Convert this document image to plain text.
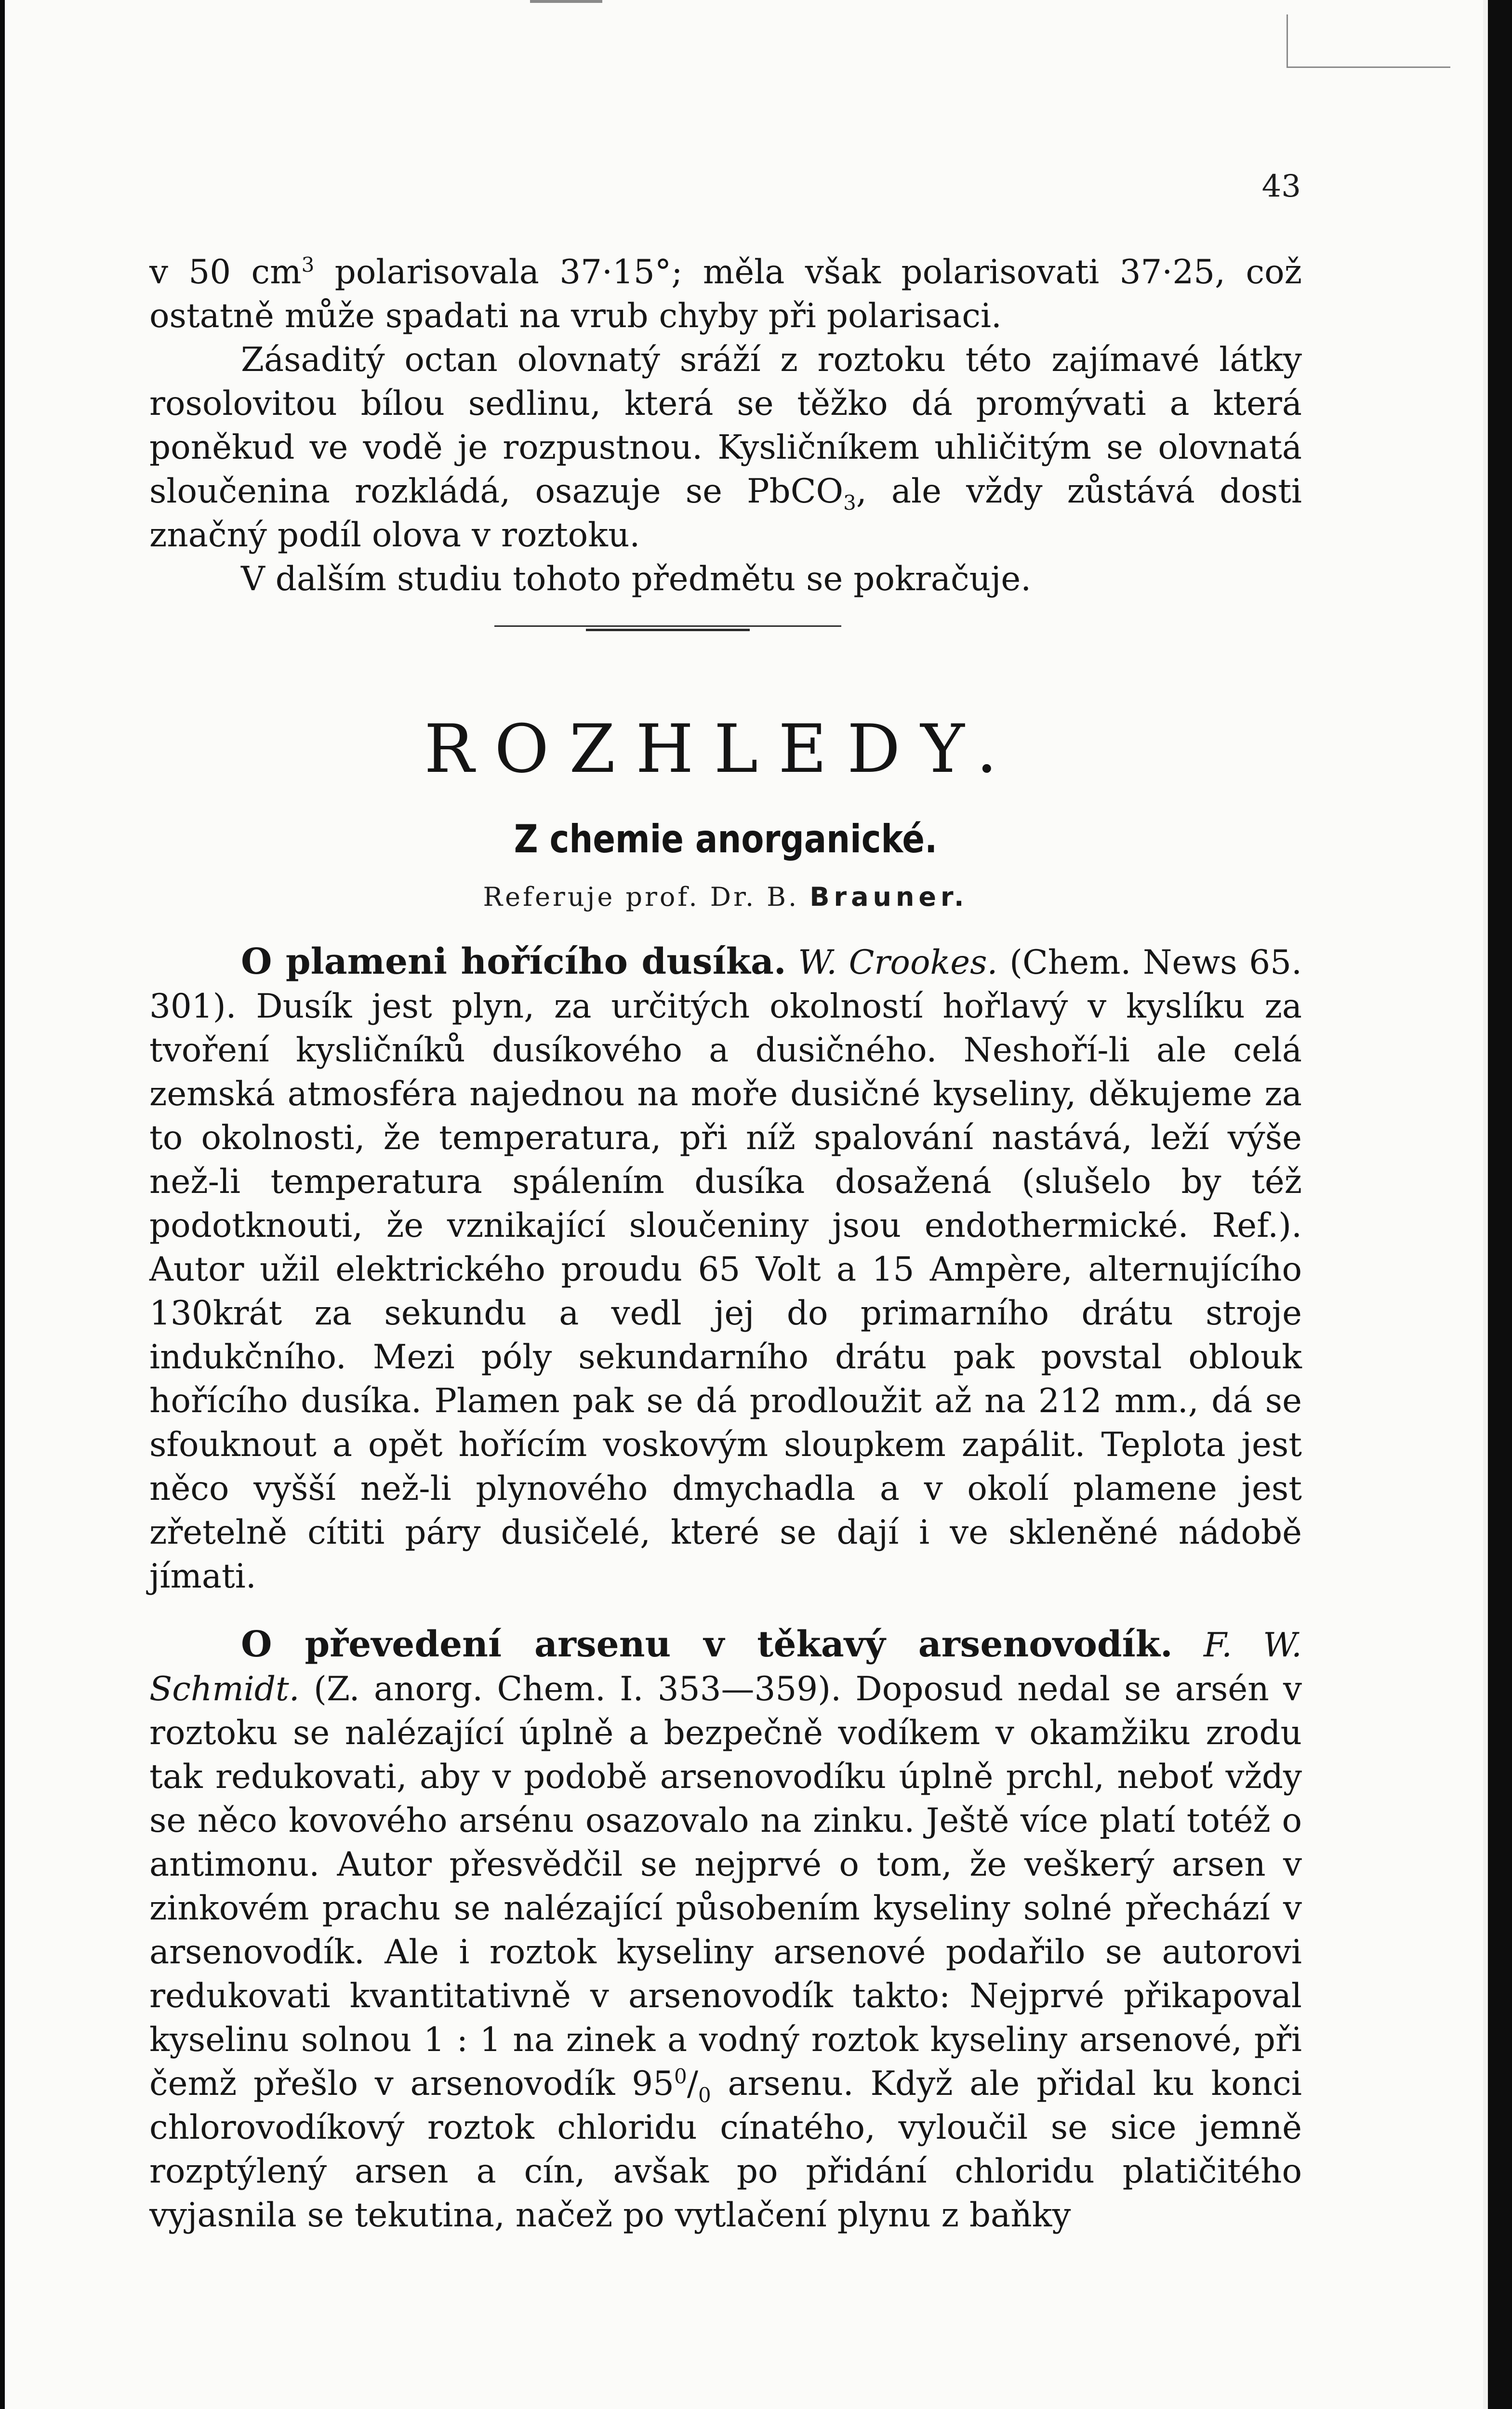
43

v 50 $cm^3$ polarisovala 37·15°; měla však polarisovati 37·25, což ostatně může spadati na vrub chyby při polarisaci.

Zásaditý octan olovnatý sráží z roztoku této zajímavé látky rosolovitou bílou sedlinu, která se těžko dá promývati a která poněkud ve vodě je rozpustnou. Kysličníkem uhličitým se olovnatá sloučenina rozkládá, osazuje se PbCO$_3$, ale vždy zůstává dosti značný podíl olova v roztoku.

V dalším studiu tohoto předmětu se pokračuje.

ROZHLEDY.
Z chemie anorganické.
Referuje prof. Dr. B. Brauner.

O plameni hořícího dusíka. W. Crookes. (Chem. News 65. 301). Dusík jest plyn, za určitých okolností hořlavý v kyslíku za tvoření kysličníků dusíkového a dusičného. Neshoří-li ale celá zemská atmosféra najednou na moře dusičné kyseliny, děkujeme za to okolnosti, že temperatura, při níž spalování nastává, leží výše než-li temperatura spálením dusíka dosažená (slušelo by též podotknouti, že vznikající sloučeniny jsou endothermické. Ref.). Autor užil elektrického proudu 65 Volt a 15 Ampère, alternujícího 130krát za sekundu a vedl jej do primarního drátu stroje indukčního. Mezi póly sekundarního drátu pak povstal oblouk hořícího dusíka. Plamen pak se dá prodloužit až na 212 mm., dá se sfouknout a opět hořícím voskovým sloupkem zapálit. Teplota jest něco vyšší než-li plynového dmychadla a v okolí plamene jest zřetelně cítiti páry dusičelé, které se dají i ve skleněné nádobě jímati.

O převedení arsenu v těkavý arsenovodík. F. W. Schmidt. (Z. anorg. Chem. I. 353—359). Doposud nedal se arsén v roztoku se nalézající úplně a bezpečně vodíkem v okamžiku zrodu tak redukovati, aby v podobě arsenovodíku úplně prchl, neboť vždy se něco kovového arsénu osazovalo na zinku. Ještě více platí totéž o antimonu. Autor přesvědčil se nejprvé o tom, že veškerý arsen v zinkovém prachu se nalézající působením kyseliny solné přechází v arsenovodík. Ale i roztok kyseliny arsenové podařilo se autorovi redukovati kvantitativně v arsenovodík takto: Nejprvé přikapoval kyselinu solnou 1 : 1 na zinek a vodný roztok kyseliny arsenové, při čemž přešlo v arsenovodík $95^0/_0$ arsenu. Když ale přidal ku konci chlorovodíkový roztok chloridu cínatého, vyloučil se sice jemně rozptýlený arsen a cín, avšak po přidání chloridu platičitého vyjasnila se tekutina, načež po vytlačení plynu z baňky
